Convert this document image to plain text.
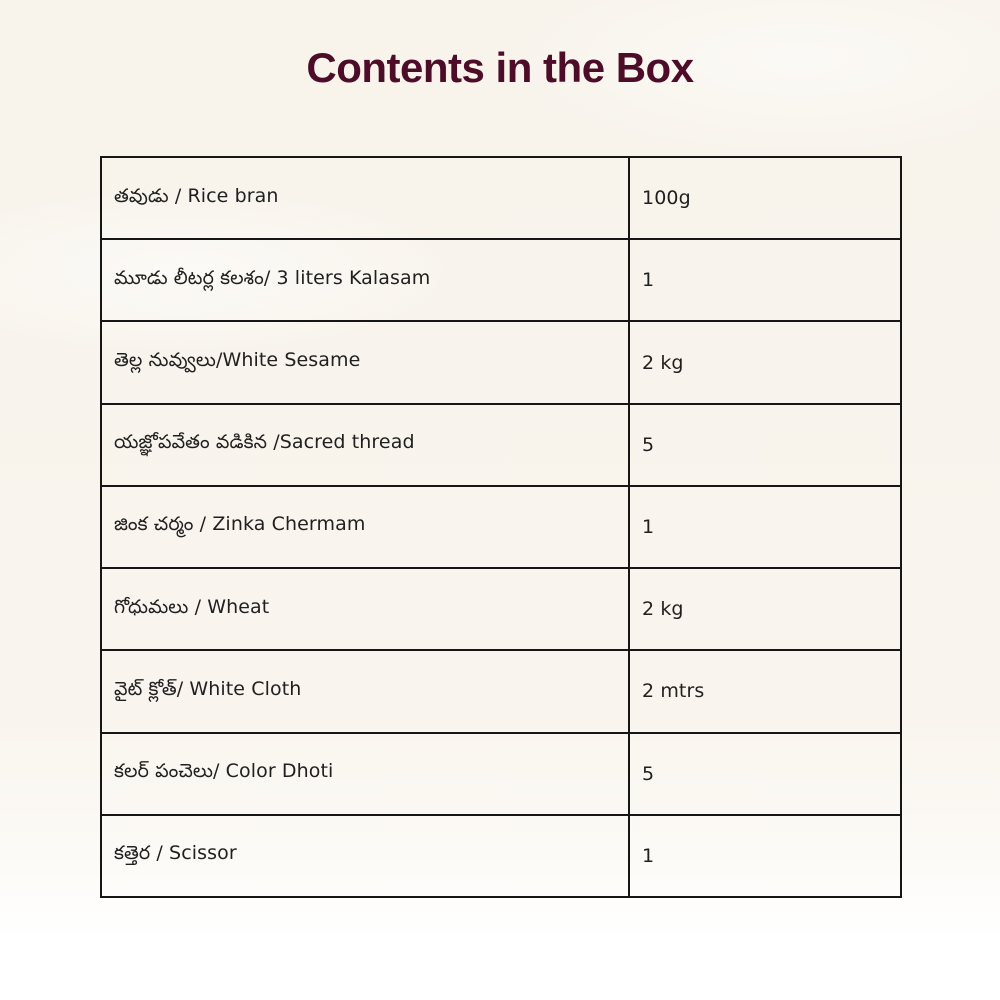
Contents in the Box
తవుడు / Rice bran	100g
మూడు లీటర్ల కలశం/ 3 liters Kalasam	1
తెల్ల నువ్వులు/White Sesame	2 kg
యజ్ఞోపవేతం వడికిన /Sacred thread	5
జింక చర్మం / Zinka Chermam	1
గోధుమలు / Wheat	2 kg
వైట్ క్లోత్/ White Cloth	2 mtrs
కలర్ పంచెలు/ Color Dhoti	5
కత్తెర / Scissor	1
